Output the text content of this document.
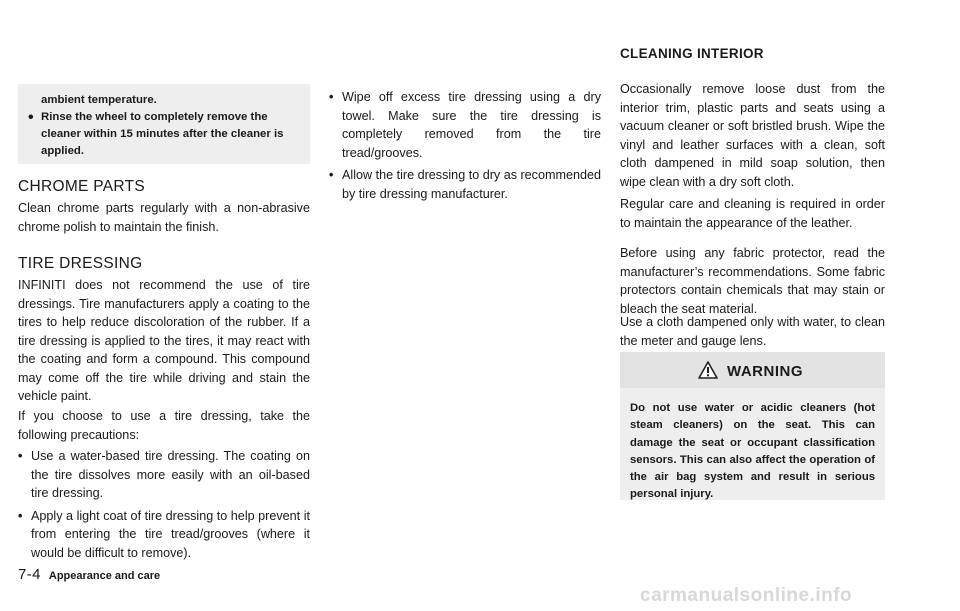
ambient temperature.

• Rinse the wheel to completely remove the cleaner within 15 minutes after the cleaner is applied.

CHROME PARTS

Clean chrome parts regularly with a non-abrasive chrome polish to maintain the finish.

TIRE DRESSING

INFINITI does not recommend the use of tire dressings. Tire manufacturers apply a coating to the tires to help reduce discoloration of the rubber. If a tire dressing is applied to the tires, it may react with the coating and form a compound. This compound may come off the tire while driving and stain the vehicle paint.

If you choose to use a tire dressing, take the following precautions:

• Use a water-based tire dressing. The coating on the tire dissolves more easily with an oil-based tire dressing.
• Apply a light coat of tire dressing to help prevent it from entering the tire tread/grooves (where it would be difficult to remove).
• Wipe off excess tire dressing using a dry towel. Make sure the tire dressing is completely removed from the tire tread/grooves.
• Allow the tire dressing to dry as recommended by tire dressing manufacturer.
CLEANING INTERIOR

Occasionally remove loose dust from the interior trim, plastic parts and seats using a vacuum cleaner or soft bristled brush. Wipe the vinyl and leather surfaces with a clean, soft cloth dampened in mild soap solution, then wipe clean with a dry soft cloth.

Regular care and cleaning is required in order to maintain the appearance of the leather.

Before using any fabric protector, read the manufacturer’s recommendations. Some fabric protectors contain chemicals that may stain or bleach the seat material.

Use a cloth dampened only with water, to clean the meter and gauge lens.

WARNING

Do not use water or acidic cleaners (hot steam cleaners) on the seat. This can damage the seat or occupant classification sensors. This can also affect the operation of the air bag system and result in serious personal injury.

7-4 Appearance and care
carmanualsonline.info
